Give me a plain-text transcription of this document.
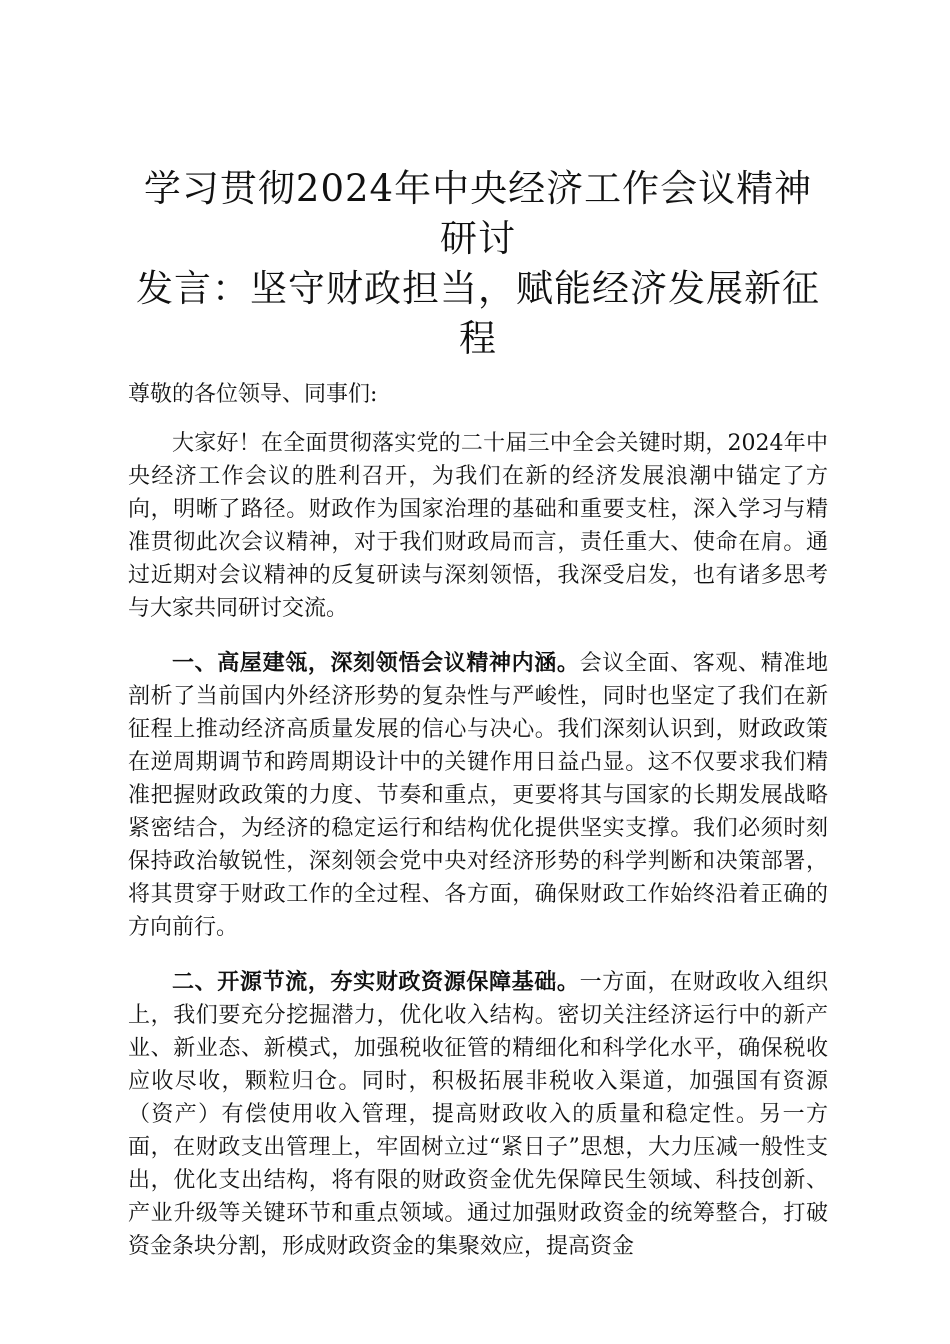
学习贯彻2024年中央经济工作会议精神研讨
发言：坚守财政担当，赋能经济发展新征程

尊敬的各位领导、同事们:

大家好！在全面贯彻落实党的二十届三中全会关键时期，2024年中央经济工作会议的胜利召开，为我们在新的经济发展浪潮中锚定了方向，明晰了路径。财政作为国家治理的基础和重要支柱，深入学习与精准贯彻此次会议精神，对于我们财政局而言，责任重大、使命在肩。通过近期对会议精神的反复研读与深刻领悟，我深受启发，也有诸多思考与大家共同研讨交流。

一、高屋建瓴，深刻领悟会议精神内涵。会议全面、客观、精准地剖析了当前国内外经济形势的复杂性与严峻性，同时也坚定了我们在新征程上推动经济高质量发展的信心与决心。我们深刻认识到，财政政策在逆周期调节和跨周期设计中的关键作用日益凸显。这不仅要求我们精准把握财政政策的力度、节奏和重点，更要将其与国家的长期发展战略紧密结合，为经济的稳定运行和结构优化提供坚实支撑。我们必须时刻保持政治敏锐性，深刻领会党中央对经济形势的科学判断和决策部署，将其贯穿于财政工作的全过程、各方面，确保财政工作始终沿着正确的方向前行。

二、开源节流，夯实财政资源保障基础。一方面，在财政收入组织上，我们要充分挖掘潜力，优化收入结构。密切关注经济运行中的新产业、新业态、新模式，加强税收征管的精细化和科学化水平，确保税收应收尽收，颗粒归仓。同时，积极拓展非税收入渠道，加强国有资源（资产）有偿使用收入管理，提高财政收入的质量和稳定性。另一方面，在财政支出管理上，牢固树立过“紧日子”思想，大力压减一般性支出，优化支出结构，将有限的财政资金优先保障民生领域、科技创新、产业升级等关键环节和重点领域。通过加强财政资金的统筹整合，打破资金条块分割，形成财政资金的集聚效应，提高资金
